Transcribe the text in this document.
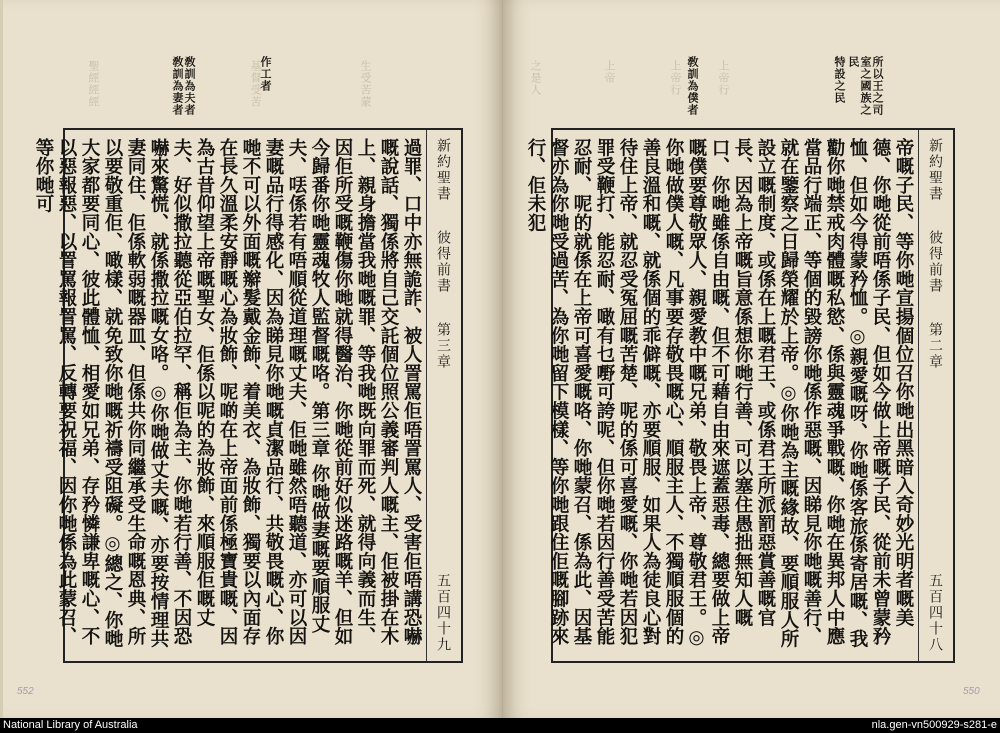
聖經經經	基督受苦	生受苦蒙
作工者
敎訓為妻者 敎訓為夫者
過罪、口中亦無詭詐、被人詈罵佢唔詈罵人、受害佢唔講恐嚇嘅說話、獨係將自己交託個位照公義審判人嘅主、佢被掛在木上、親身擔當我哋嘅罪、等我哋既向罪而死、就得向義而生、因佢所受嘅鞭傷你哋就得醫治、你哋從前好似迷路嘅羊、但如今歸番你哋靈魂牧人監督嘅咯。第三章 你哋做妻嘅要順服丈夫、𠲍係若有唔順從道理嘅丈夫、佢哋雖然唔聽道、亦可以因妻嘅品行得感化、因為睇見你哋嘅貞潔品行、共敬畏嘅心、你哋不可以外面嘅辮髮戴金飾、着美衣、為妝飾、獨要以內面存在長久溫柔安靜嘅心為妝飾、呢啲在上帝面前係極寶貴嘅、因為古昔仰望上帝嘅聖女、佢係以呢的為妝飾、來順服佢嘅丈夫、好似撒拉聽從亞伯拉罕、稱佢為主、你哋若行善、不因恐嚇來驚慌、就係撒拉嘅女咯。◎你哋做丈夫嘅、亦要按情理共妻同住、佢係軟弱嘅器皿、但係共你同繼承受生命嘅恩典、所以要敬重佢、噉樣、就免致你哋嘅祈禱受阻礙。◎總之、你哋大家都要同心、彼此體恤、相愛如兄弟、存矜憐謙卑嘅心、不以惡報惡、以詈罵報詈罵、反轉要祝福、因你哋係為此蒙召、等你哋可	新約聖書
彼得前書
第三章
五百四十九
552
之是人	上帝	上帝行	上帝行	所以王之司室之國族之民
特設之民
敎訓為僕者
帝嘅子民、等你哋宣揚個位召你哋出黑暗入奇妙光明者嘅美德、你哋從前唔係子民、但如今做上帝嘅子民、從前未曾蒙矜恤、但如今得蒙矜恤。◎親愛嘅呀、你哋係客旅係寄居嘅、我勸你哋禁戒肉體嘅私慾、係與靈魂爭戰嘅、你哋在異邦人中應當品行端正、等個的毀謗你哋係作惡嘅、因睇見你哋嘅善行、就在鑒察之日歸榮耀於上帝。◎你哋為主嘅緣故、要順服人所設立嘅制度、或係在上嘅君王、或係君王所派罰惡賞善嘅官長、因為上帝嘅旨意係想你哋行善、可以塞住愚拙無知人嘅口、你哋雖係自由嘅、但不可藉自由來遮蓋惡毒、總要做上帝嘅僕要尊敬眾人、親愛教中嘅兄弟、敬畏上帝、尊敬君王。◎你哋做僕人嘅、凡事要存敬畏嘅心、順服主人、不獨順服個的善良溫和嘅、就係個的乖僻嘅、亦要順服、如果人為徒良心對待住上帝、就忍受冤屈嘅苦楚、呢的係可喜愛嘅、你哋若因犯罪受鞭打、能忍耐、噉有乜嘢可誇呢、但你哋若因行善受苦能忍耐、呢的就係在上帝可喜愛嘅咯、你哋蒙召、係為此、因基督亦為你哋受過苦、為你哋留下模樣、等你哋跟住佢嘅腳跡來行、佢未犯	新約聖書
彼得前書
第二章
五百四十八
550
National Library of Australia	nla.gen-vn500929-s281-e
